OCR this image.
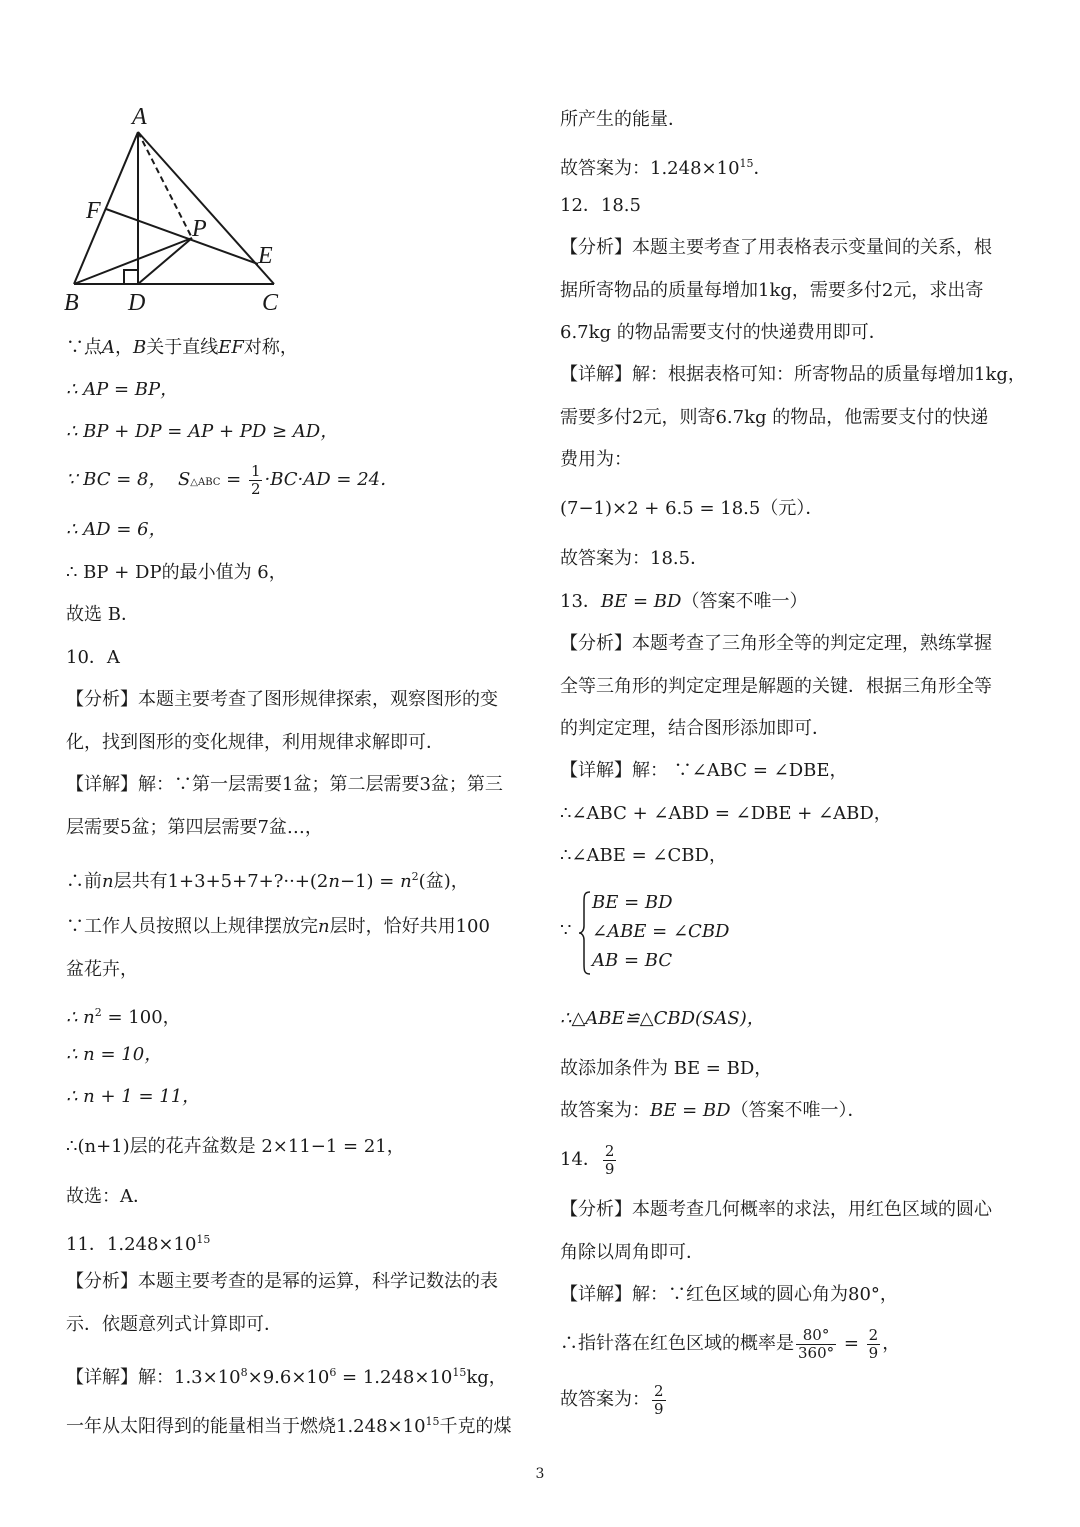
A
B	C
D
E
F
P
∵点A，B关于直线EF对称，
∴ AP = BP，
∴ BP + DP = AP + PD ≥ AD，
∵ BC = 8， S△ABC = $\frac{1}{2} \cdot BC\cdot AD = 24$．
∴ AD = 6，
∴ BP + DP的最小值为 6，
故选 B．
10．A
【分析】本题主要考查了图形规律探索，观察图形的变
化，找到图形的变化规律，利用规律求解即可．
【详解】解：∵第一层需要1盆；第二层需要3盆；第三
层需要5盆；第四层需要7盆…，
∴前n层共有1+3+5+7+?··+(2n−1) = $n^2$(盆)，
∵工作人员按照以上规律摆放完n层时，恰好共用100
盆花卉，
∴ $n^2 = 100$，
∴ n = 10，
∴ n + 1 = 11，
∴(n+1)层的花卉盆数是 2×11−1 = 21，
故选：A．
11．$1.248\times 10^{15}$
【分析】本题主要考查的是幂的运算，科学记数法的表
示．依题意列式计算即可．
【详解】解：$1.3\times 10^8\times 9.6\times 10^6 = 1.248\times 10^{15}kg$，
一年从太阳得到的能量相当于燃烧$1.248\times 10^{15}$千克的煤
所产生的能量．
故答案为：$1.248\times 10^{15}$．
12．18.5
【分析】本题主要考查了用表格表示变量间的关系，根
据所寄物品的质量每增加1kg，需要多付2元，求出寄
6.7kg 的物品需要支付的快递费用即可．
【详解】解：根据表格可知：所寄物品的质量每增加1kg，
需要多付2元，则寄6.7kg 的物品，他需要支付的快递
费用为：
(7−1)×2 + 6.5 = 18.5（元）．
故答案为：18.5．
13．BE = BD（答案不唯一）
【分析】本题考查了三角形全等的判定定理，熟练掌握
全等三角形的判定定理是解题的关键．根据三角形全等
的判定定理，结合图形添加即可．
【详解】解： ∵∠ABC = ∠DBE，
∴∠ABC + ∠ABD = ∠DBE + ∠ABD，
∴∠ABE = ∠CBD，
∵
BE = BD
∠ABE = ∠CBD
AB = BC
∴△ABE≌△CBD(SAS)，
故添加条件为 BE = BD，
故答案为：BE = BD（答案不唯一）．
14． $\frac{2}{9}$
【分析】本题考查几何概率的求法，用红色区域的圆心
角除以周角即可．
【详解】解：∵红色区域的圆心角为80°，
∴指针落在红色区域的概率是 $\frac{80^\circ}{360^\circ} = \frac{2}{9}$ ，
故答案为： $\frac{2}{9}$
3
